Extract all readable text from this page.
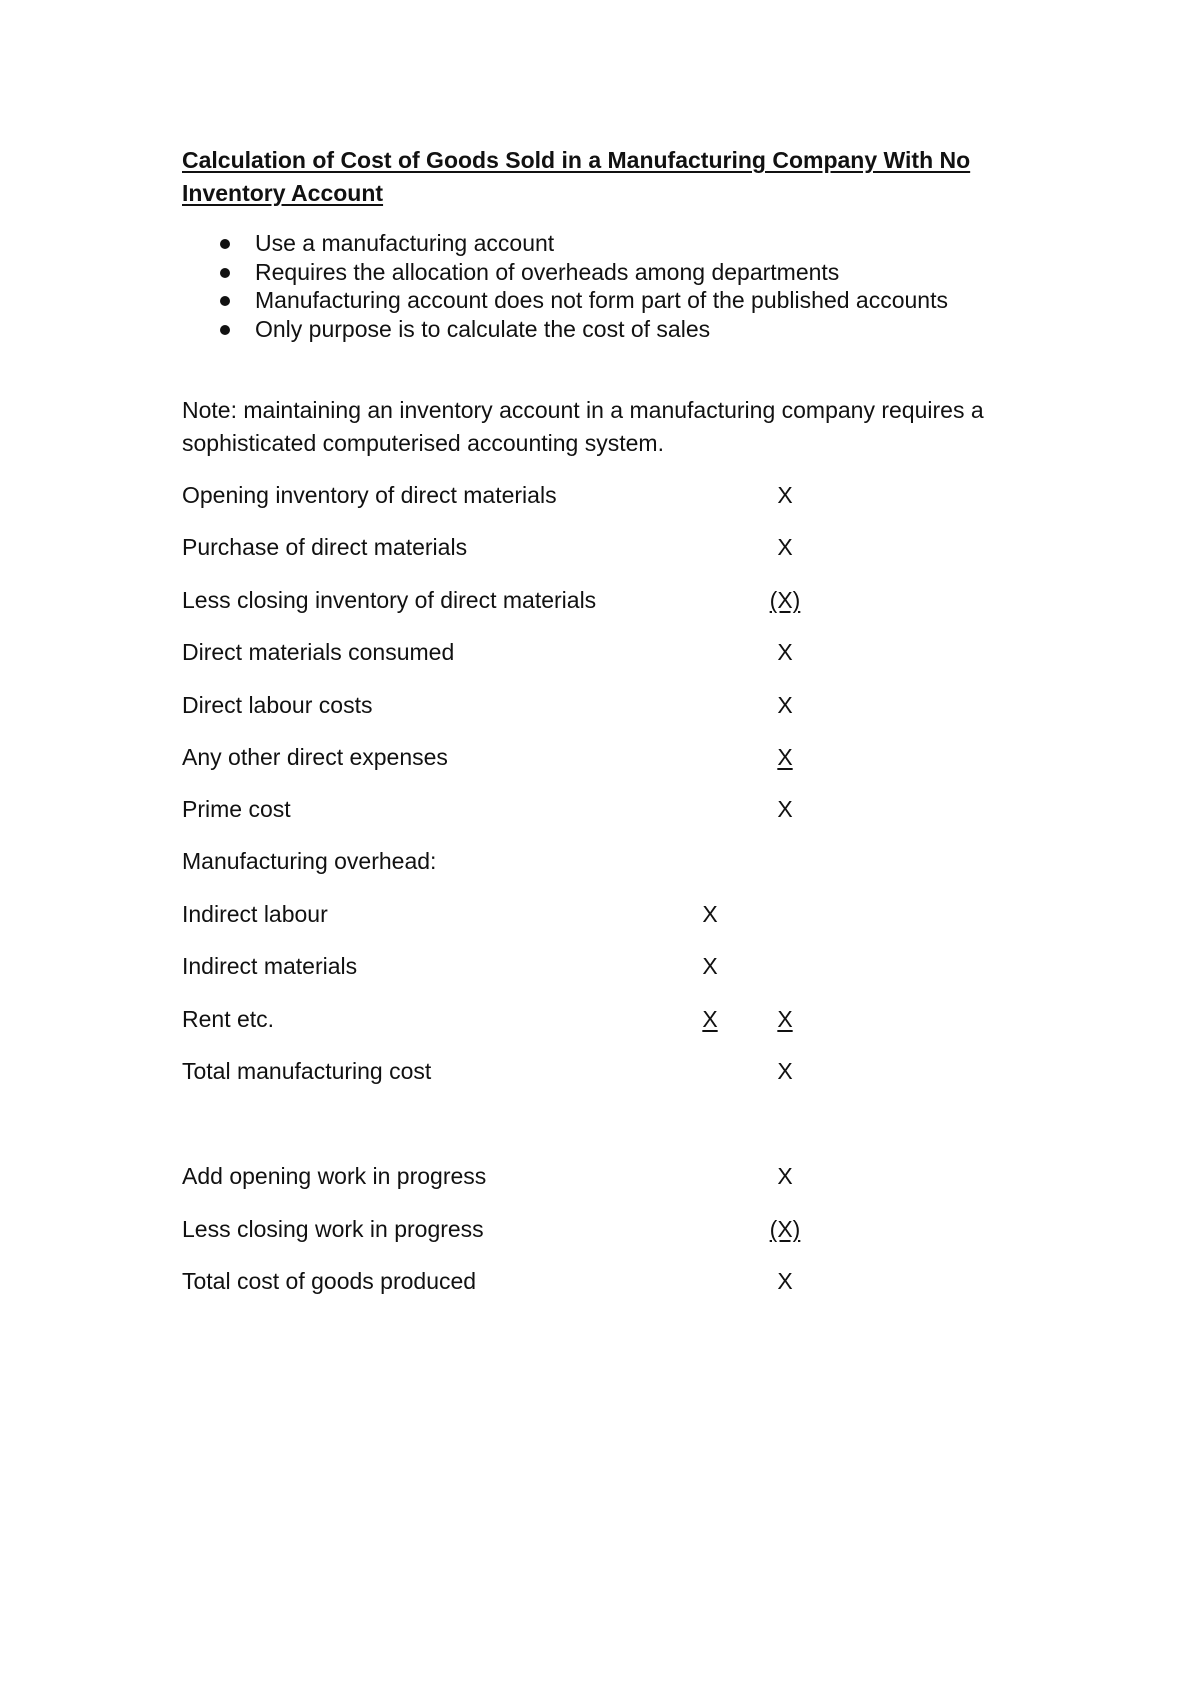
Calculation of Cost of Goods Sold in a Manufacturing Company With No Inventory Account
Use a manufacturing account
Requires the allocation of overheads among departments
Manufacturing account does not form part of the published accounts
Only purpose is to calculate the cost of sales
Note: maintaining an inventory account in a manufacturing company requires a sophisticated computerised accounting system.
Opening inventory of direct materials	X
Purchase of direct materials	X
Less closing inventory of direct materials	(X)
Direct materials consumed	X
Direct labour costs	X
Any other direct expenses	X
Prime cost	X
Manufacturing overhead:
Indirect labour	X
Indirect materials	X
Rent etc.	X	X
Total manufacturing cost	X
Add opening work in progress	X
Less closing work in progress	(X)
Total cost of goods produced	X
